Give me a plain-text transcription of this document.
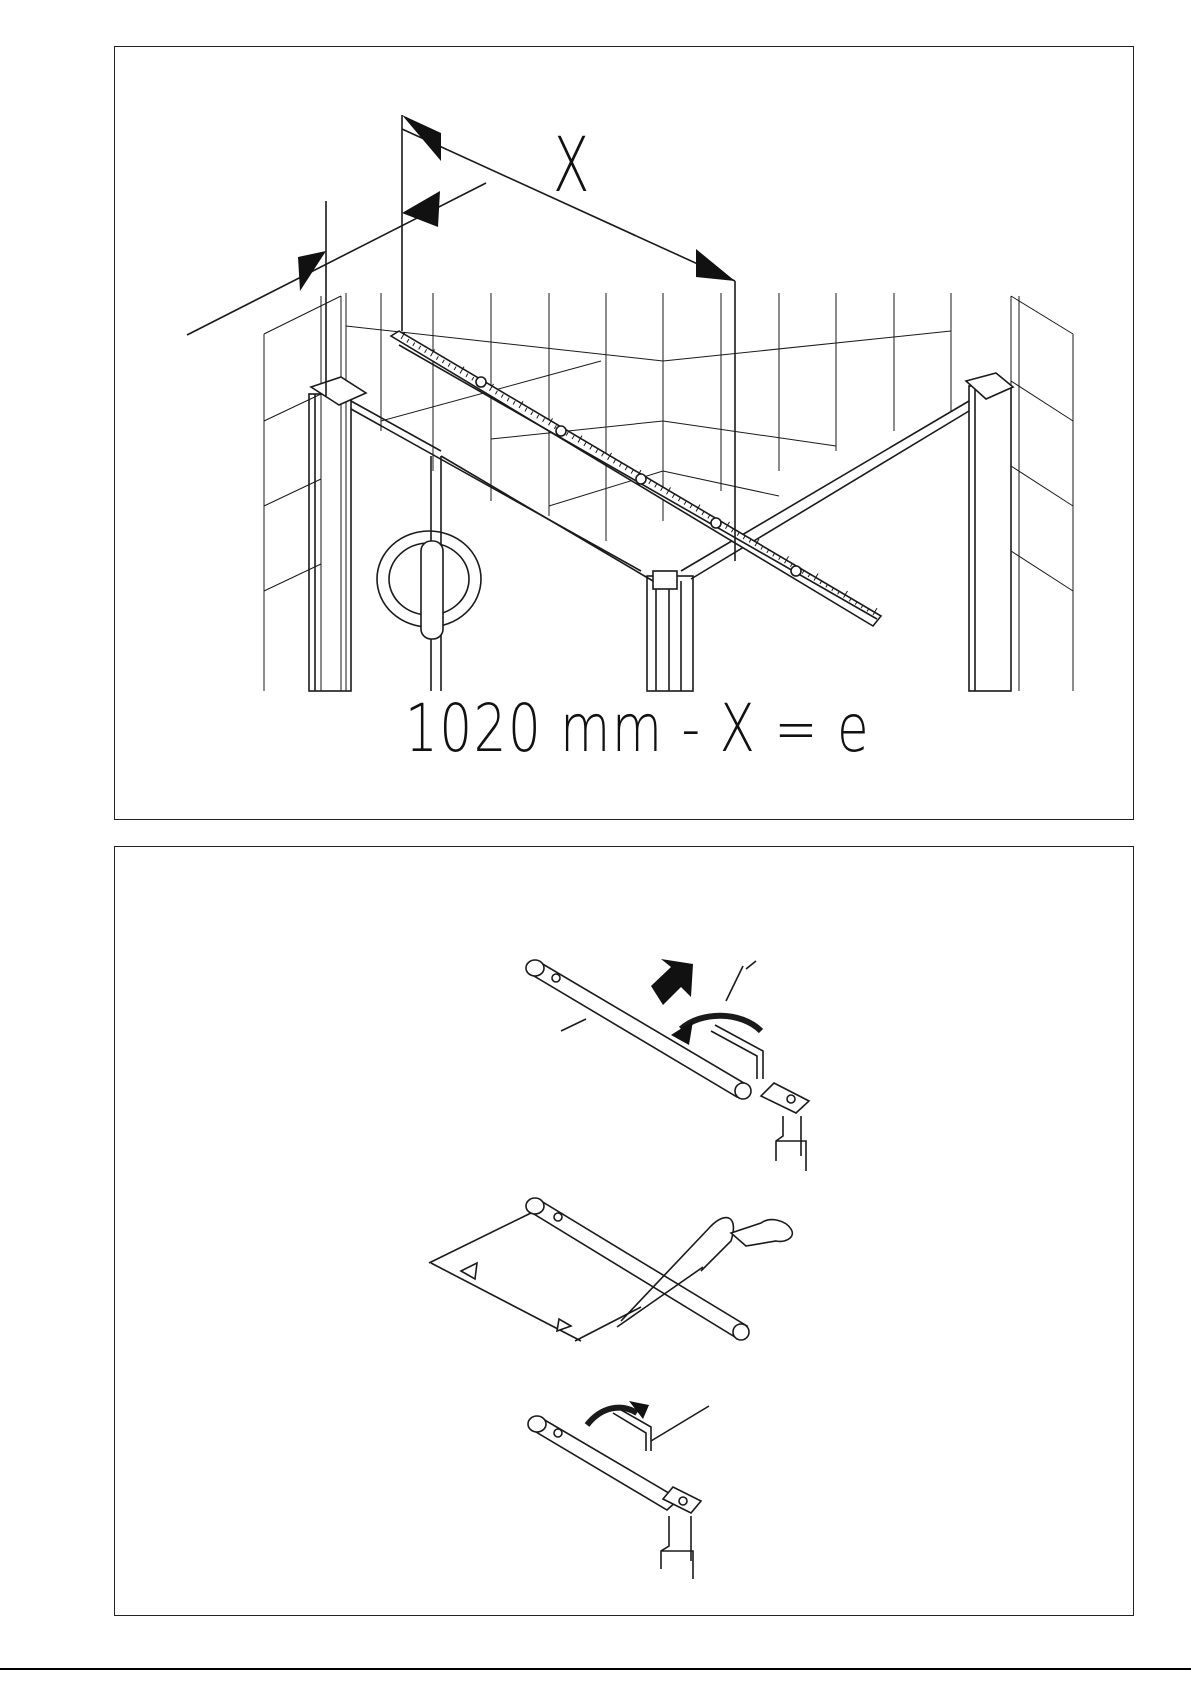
X
1020 mm - X = e
